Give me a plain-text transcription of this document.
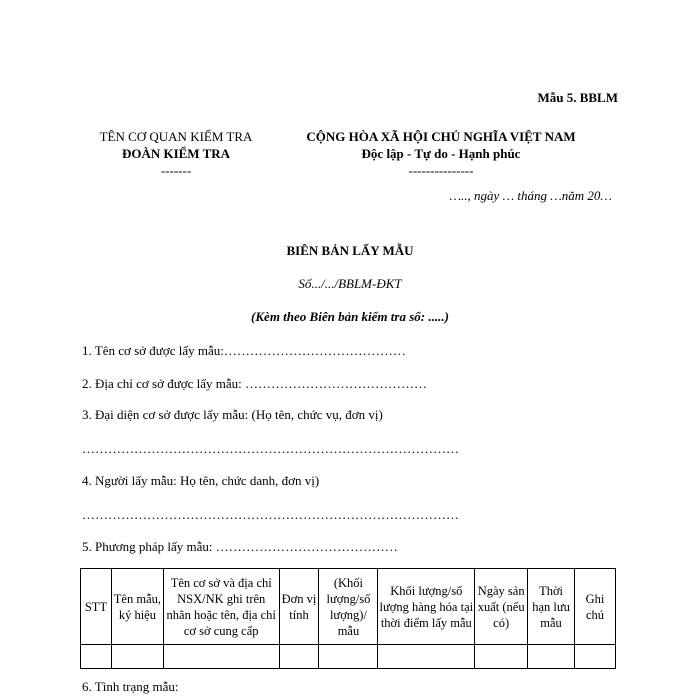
Mẫu 5. BBLM
TÊN CƠ QUAN KIỂM TRA
ĐOÀN KIỂM TRA
-------
CỘNG HÒA XÃ HỘI CHỦ NGHĨA VIỆT NAM
Độc lập - Tự do - Hạnh phúc
---------------
….., ngày … tháng …năm 20…
BIÊN BẢN LẤY MẪU
Số.../.../BBLM-ĐKT
(Kèm theo Biên bản kiểm tra số: .....)
1. Tên cơ sở được lấy mẫu:……………………………………
2. Địa chỉ cơ sở được lấy mẫu: ……………………………………
3. Đại diện cơ sở được lấy mẫu: (Họ tên, chức vụ, đơn vị)
……………………………………………………………………………
4. Người lấy mẫu: Họ tên, chức danh, đơn vị)
……………………………………………………………………………
5. Phương pháp lấy mẫu: ……………………………………
STT	Tên mẫu, ký hiệu	Tên cơ sở và địa chỉ NSX/NK ghi trên nhãn hoặc tên, địa chỉ cơ sở cung cấp	Đơn vị tính	(Khối lượng/số lượng)/ mẫu	Khối lượng/số lượng hàng hóa tại thời điểm lấy mẫu	Ngày sản xuất (nếu có)	Thời hạn lưu mẫu	Ghi chú

6. Tình trạng mẫu:
